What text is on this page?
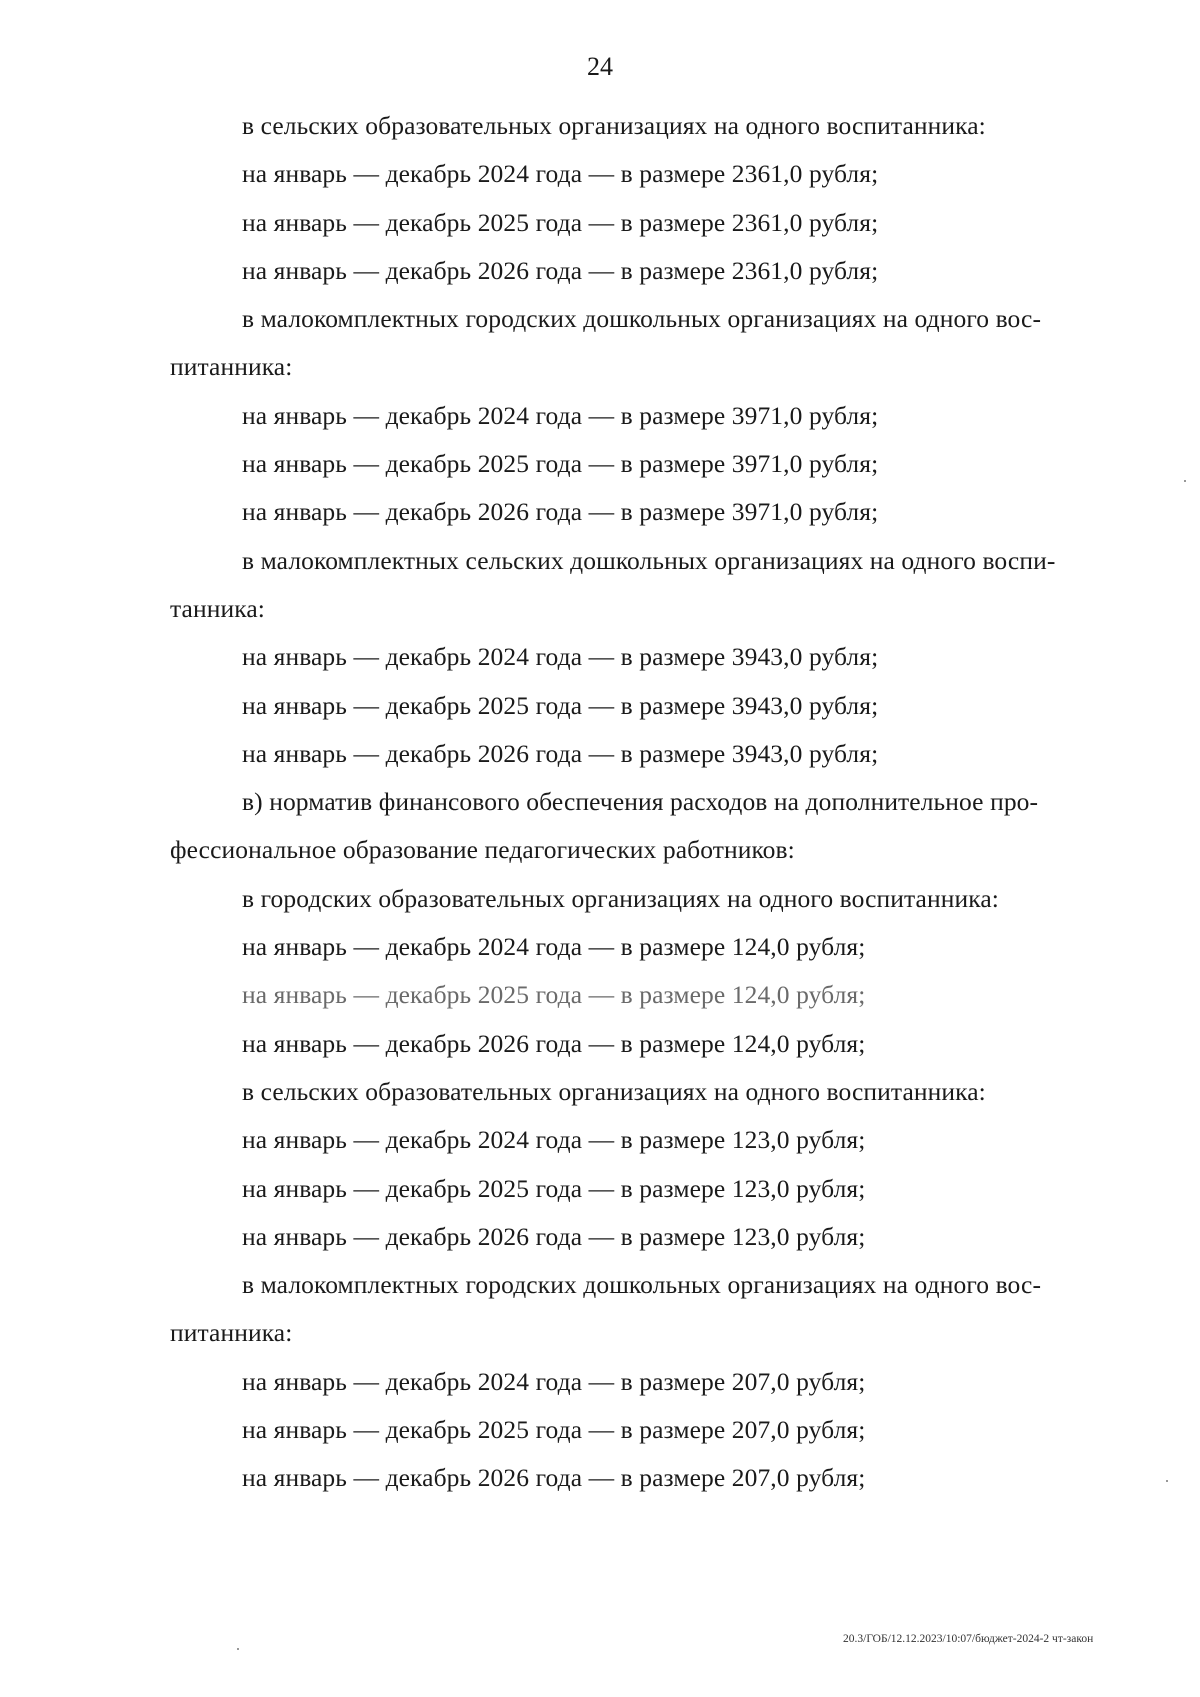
24
в сельских образовательных организациях на одного воспитанника:
на январь — декабрь 2024 года — в размере 2361,0 рубля;
на январь — декабрь 2025 года — в размере 2361,0 рубля;
на январь — декабрь 2026 года — в размере 2361,0 рубля;
в малокомплектных городских дошкольных организациях на одного вос-
питанника:
на январь — декабрь 2024 года — в размере 3971,0 рубля;
на январь — декабрь 2025 года — в размере 3971,0 рубля;
на январь — декабрь 2026 года — в размере 3971,0 рубля;
в малокомплектных сельских дошкольных организациях на одного воспи-
танника:
на январь — декабрь 2024 года — в размере 3943,0 рубля;
на январь — декабрь 2025 года — в размере 3943,0 рубля;
на январь — декабрь 2026 года — в размере 3943,0 рубля;
в) норматив финансового обеспечения расходов на дополнительное про-
фессиональное образование педагогических работников:
в городских образовательных организациях на одного воспитанника:
на январь — декабрь 2024 года — в размере 124,0 рубля;
на январь — декабрь 2025 года — в размере 124,0 рубля;
на январь — декабрь 2026 года — в размере 124,0 рубля;
в сельских образовательных организациях на одного воспитанника:
на январь — декабрь 2024 года — в размере 123,0 рубля;
на январь — декабрь 2025 года — в размере 123,0 рубля;
на январь — декабрь 2026 года — в размере 123,0 рубля;
в малокомплектных городских дошкольных организациях на одного вос-
питанника:
на январь — декабрь 2024 года — в размере 207,0 рубля;
на январь — декабрь 2025 года — в размере 207,0 рубля;
на январь — декабрь 2026 года — в размере 207,0 рубля;
20.3/ГОБ/12.12.2023/10:07/бюджет-2024-2 чт-закон
